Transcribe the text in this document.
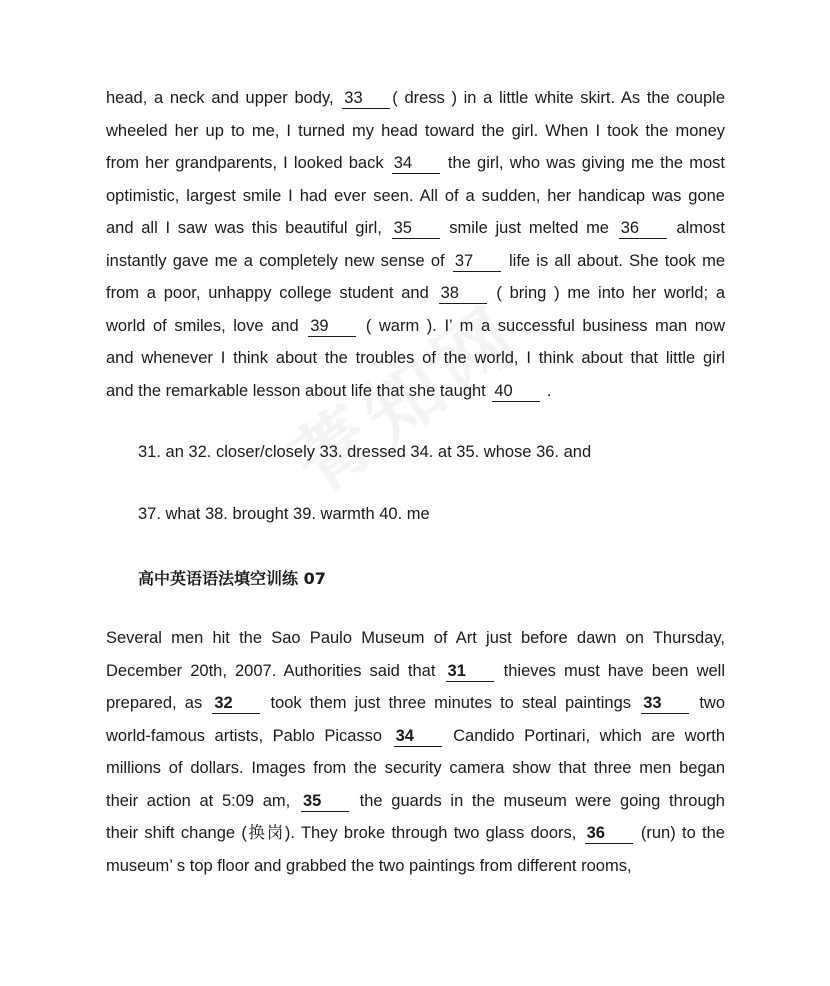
head, a neck and upper body, 33 ( dress ) in a little white skirt. As the couple
wheeled her up to me, I turned my head toward the girl. When I took the money
from her grandparents, I looked back 34 the girl, who was giving me the most
optimistic, largest smile I had ever seen. All of a sudden, her handicap was gone
and all I saw was this beautiful girl, 35 smile just melted me 36 almost
instantly gave me a completely new sense of 37 life is all about. She took me
from a poor, unhappy college student and 38 ( bring ) me into her world; a
world of smiles, love and 39 ( warm ). I’ m a successful business man now
and whenever I think about the troubles of the world, I think about that little girl
and the remarkable lesson about life that she taught 40 .
31. an 32. closer/closely 33. dressed 34. at 35. whose 36. and
37. what 38. brought 39. warmth 40. me
高中英语语法填空训练 07
Several men hit the Sao Paulo Museum of Art just before dawn on Thursday,
December 20th, 2007. Authorities said that 31 thieves must have been well
prepared, as 32 took them just three minutes to steal paintings 33 two
world-famous artists, Pablo Picasso 34 Candido Portinari, which are worth
millions of dollars. Images from the security camera show that three men began
their action at 5:09 am, 35 the guards in the museum were going through
their shift change (换岗). They broke through two glass doors, 36 (run) to the
museum’ s top floor and grabbed the two paintings from different rooms,
